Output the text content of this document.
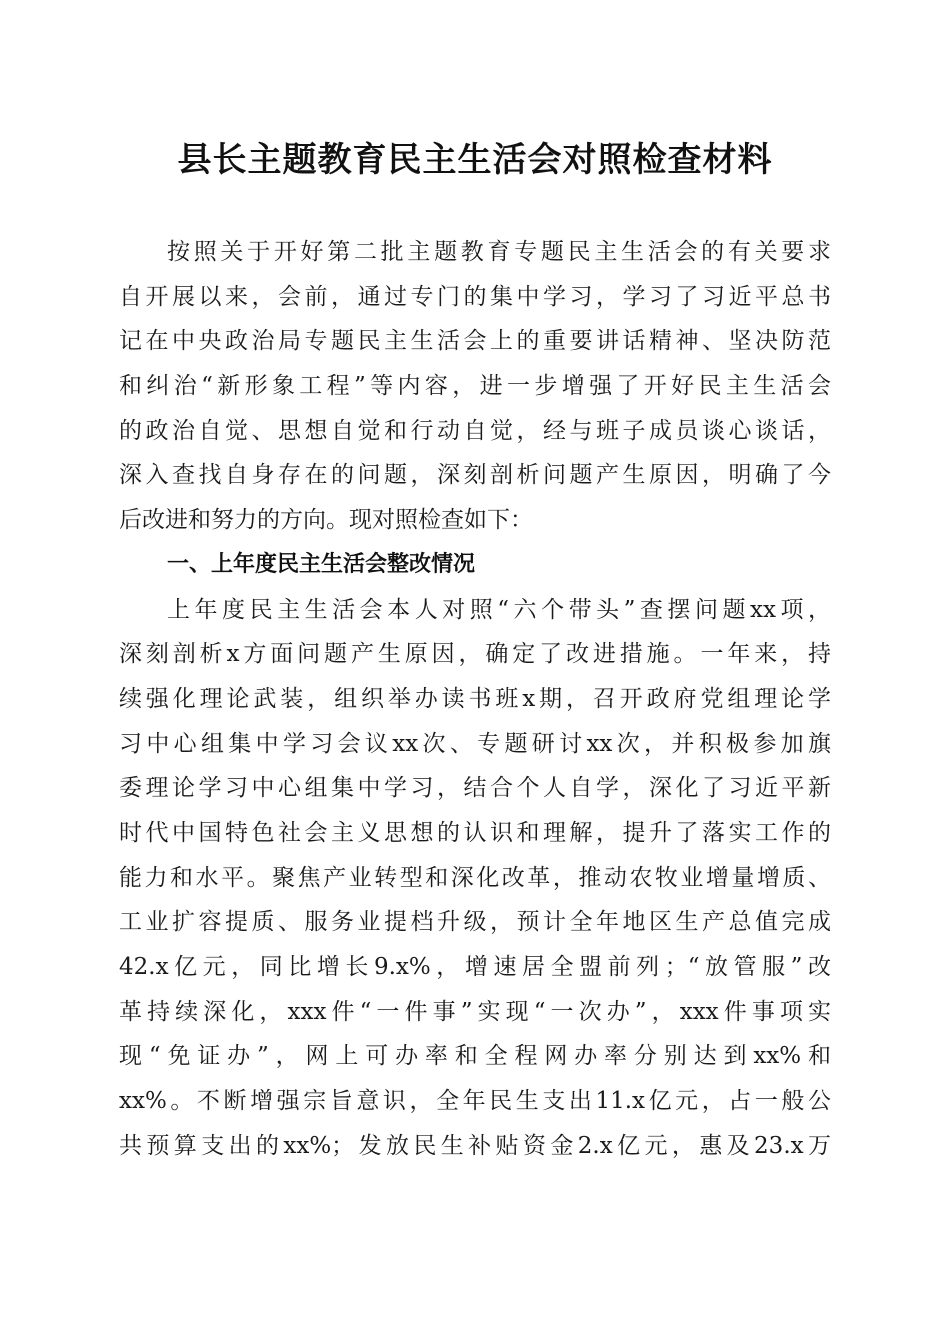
县长主题教育民主生活会对照检查材料
按照关于开好第二批主题教育专题民主生活会的有关要求
自开展以来，会前，通过专门的集中学习，学习了习近平总书
记在中央政治局专题民主生活会上的重要讲话精神、坚决防范
和纠治“新形象工程”等内容，进一步增强了开好民主生活会
的政治自觉、思想自觉和行动自觉，经与班子成员谈心谈话，
深入查找自身存在的问题，深刻剖析问题产生原因，明确了今
后改进和努力的方向。现对照检查如下：
一、上年度民主生活会整改情况
上年度民主生活会本人对照“六个带头”查摆问题xx项，
深刻剖析x方面问题产生原因，确定了改进措施。一年来，持
续强化理论武装，组织举办读书班x期，召开政府党组理论学
习中心组集中学习会议xx次、专题研讨xx次，并积极参加旗
委理论学习中心组集中学习，结合个人自学，深化了习近平新
时代中国特色社会主义思想的认识和理解，提升了落实工作的
能力和水平。聚焦产业转型和深化改革，推动农牧业增量增质、
工业扩容提质、服务业提档升级，预计全年地区生产总值完成
42.x亿元，同比增长9.x%，增速居全盟前列；“放管服”改
革持续深化，xxx件“一件事”实现“一次办”，xxx件事项实
现“免证办”，网上可办率和全程网办率分别达到xx%和
xx%。不断增强宗旨意识，全年民生支出11.x亿元，占一般公
共预算支出的xx%；发放民生补贴资金2.x亿元，惠及23.x万
